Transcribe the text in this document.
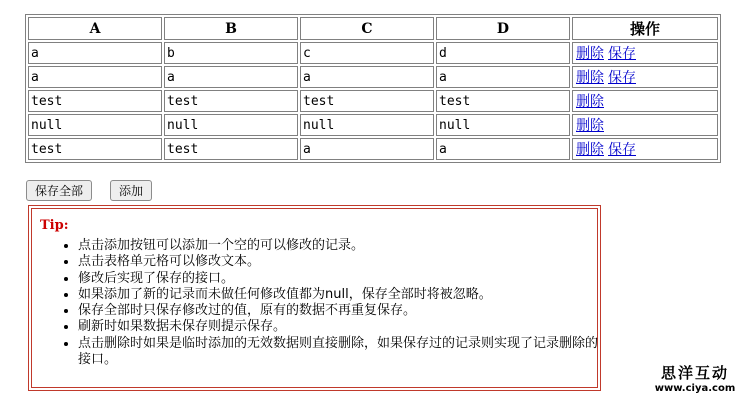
A	B	C	D	操作
a	b	c	d	删除 保存
a	a	a	a	删除 保存
test	test	test	test	删除
null	null	null	null	删除
test	test	a	a	删除 保存
保存全部	添加
Tip:
• 点击添加按钮可以添加一个空的可以修改的记录。
• 点击表格单元格可以修改文本。
• 修改后实现了保存的接口。
• 如果添加了新的记录而未做任何修改值都为null，保存全部时将被忽略。
• 保存全部时只保存修改过的值，原有的数据不再重复保存。
• 刷新时如果数据未保存则提示保存。
• 点击删除时如果是临时添加的无效数据则直接删除，如果保存过的记录则实现了记录删除的接口。
思洋互动
www.ciya.com
